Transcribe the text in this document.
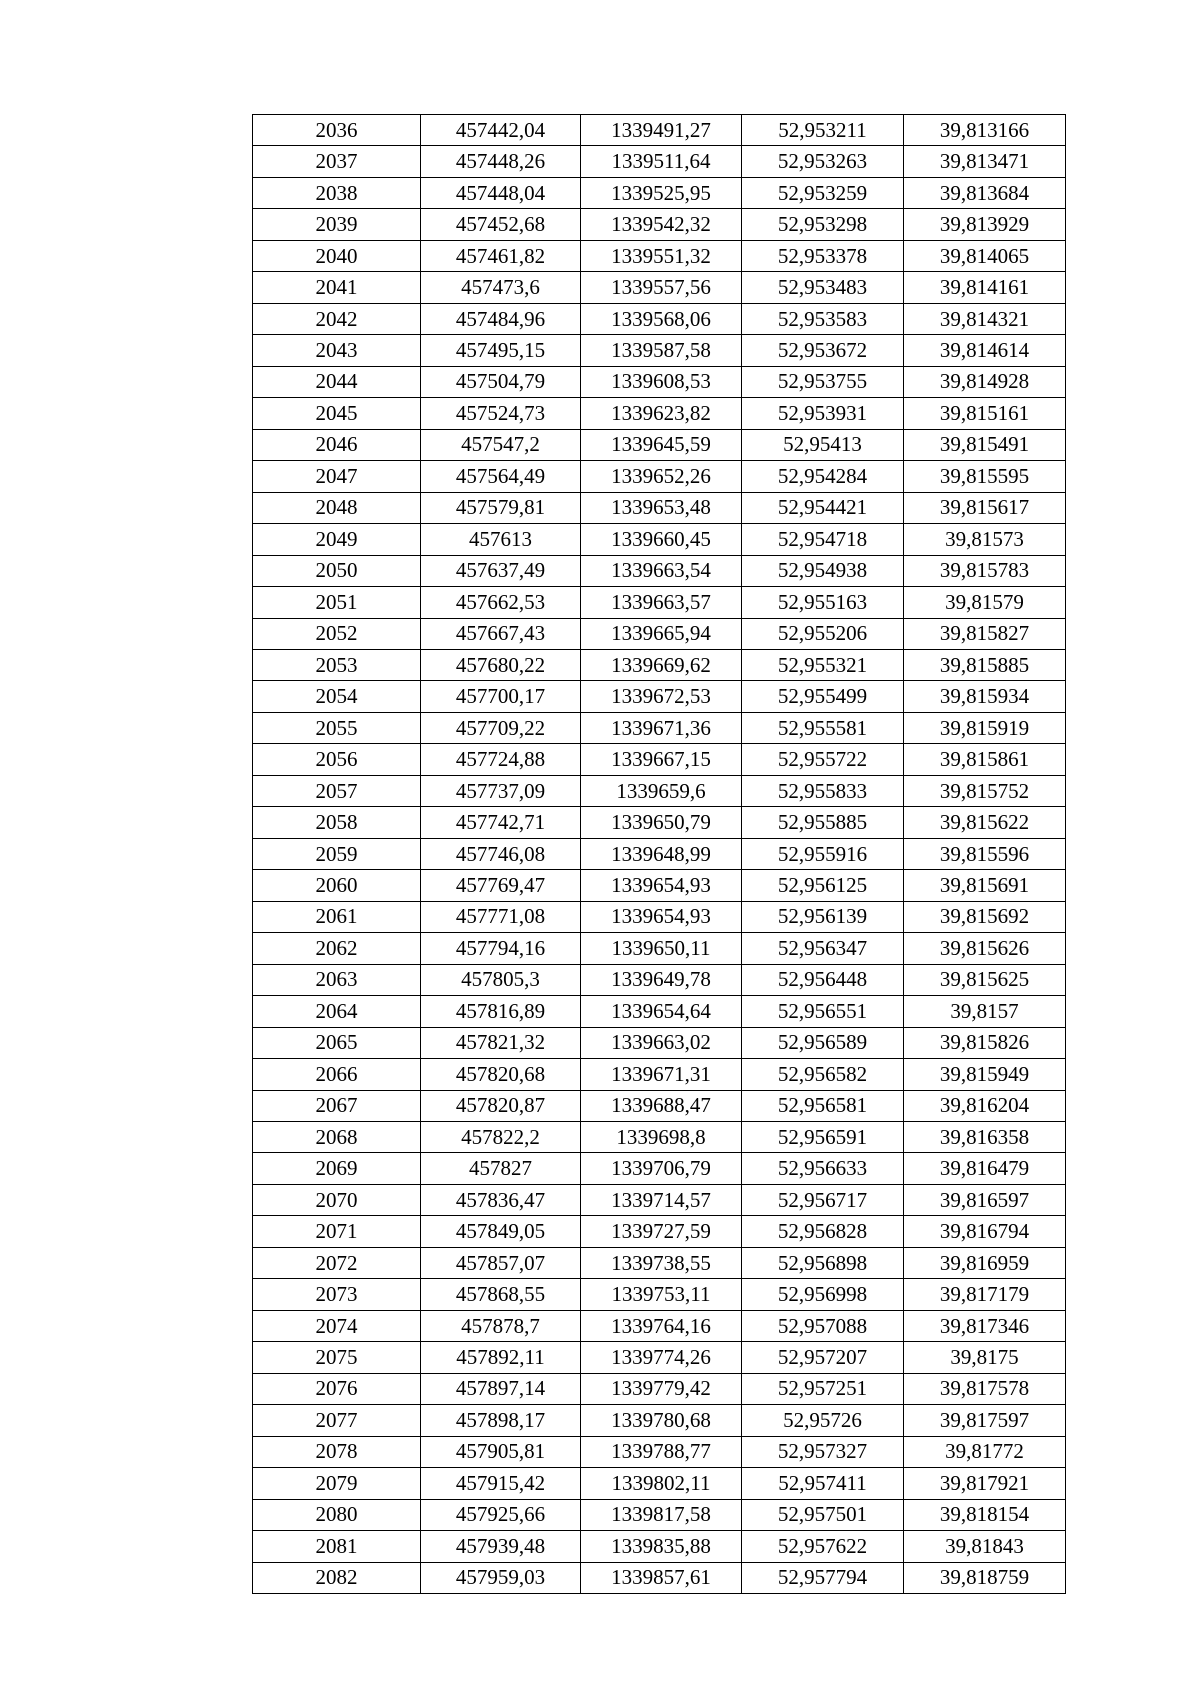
2036	457442,04	1339491,27	52,953211	39,813166
2037	457448,26	1339511,64	52,953263	39,813471
2038	457448,04	1339525,95	52,953259	39,813684
2039	457452,68	1339542,32	52,953298	39,813929
2040	457461,82	1339551,32	52,953378	39,814065
2041	457473,6	1339557,56	52,953483	39,814161
2042	457484,96	1339568,06	52,953583	39,814321
2043	457495,15	1339587,58	52,953672	39,814614
2044	457504,79	1339608,53	52,953755	39,814928
2045	457524,73	1339623,82	52,953931	39,815161
2046	457547,2	1339645,59	52,95413	39,815491
2047	457564,49	1339652,26	52,954284	39,815595
2048	457579,81	1339653,48	52,954421	39,815617
2049	457613	1339660,45	52,954718	39,81573
2050	457637,49	1339663,54	52,954938	39,815783
2051	457662,53	1339663,57	52,955163	39,81579
2052	457667,43	1339665,94	52,955206	39,815827
2053	457680,22	1339669,62	52,955321	39,815885
2054	457700,17	1339672,53	52,955499	39,815934
2055	457709,22	1339671,36	52,955581	39,815919
2056	457724,88	1339667,15	52,955722	39,815861
2057	457737,09	1339659,6	52,955833	39,815752
2058	457742,71	1339650,79	52,955885	39,815622
2059	457746,08	1339648,99	52,955916	39,815596
2060	457769,47	1339654,93	52,956125	39,815691
2061	457771,08	1339654,93	52,956139	39,815692
2062	457794,16	1339650,11	52,956347	39,815626
2063	457805,3	1339649,78	52,956448	39,815625
2064	457816,89	1339654,64	52,956551	39,8157
2065	457821,32	1339663,02	52,956589	39,815826
2066	457820,68	1339671,31	52,956582	39,815949
2067	457820,87	1339688,47	52,956581	39,816204
2068	457822,2	1339698,8	52,956591	39,816358
2069	457827	1339706,79	52,956633	39,816479
2070	457836,47	1339714,57	52,956717	39,816597
2071	457849,05	1339727,59	52,956828	39,816794
2072	457857,07	1339738,55	52,956898	39,816959
2073	457868,55	1339753,11	52,956998	39,817179
2074	457878,7	1339764,16	52,957088	39,817346
2075	457892,11	1339774,26	52,957207	39,8175
2076	457897,14	1339779,42	52,957251	39,817578
2077	457898,17	1339780,68	52,95726	39,817597
2078	457905,81	1339788,77	52,957327	39,81772
2079	457915,42	1339802,11	52,957411	39,817921
2080	457925,66	1339817,58	52,957501	39,818154
2081	457939,48	1339835,88	52,957622	39,81843
2082	457959,03	1339857,61	52,957794	39,818759
